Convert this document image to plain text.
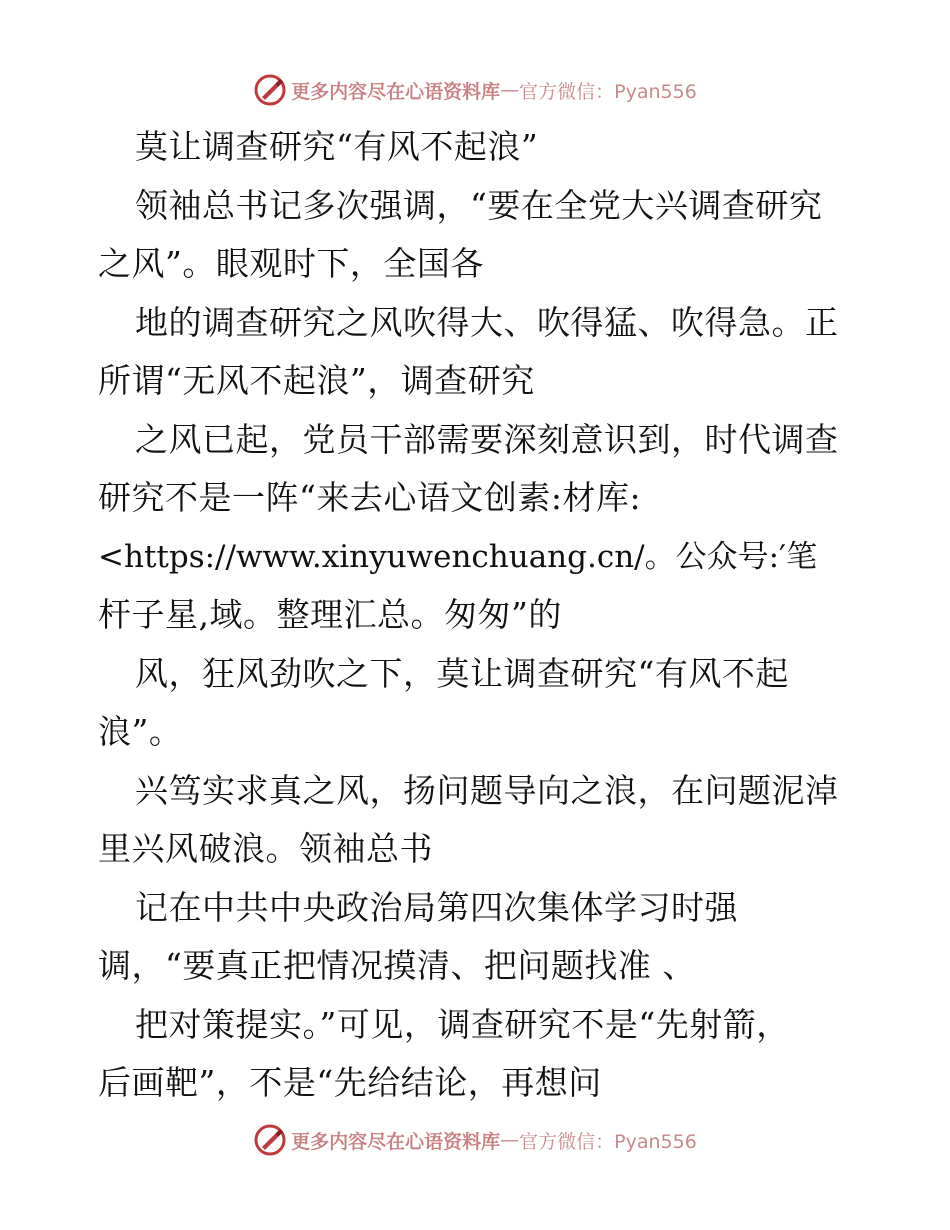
更多内容尽在心语资料库 — 官方微信：Pyan556
莫让调查研究“有风不起浪”
领袖总书记多次强调，“要在全党大兴调查研究
之风”。眼观时下，全国各
地的调查研究之风吹得大、吹得猛、吹得急。正
所谓“无风不起浪”，调查研究
之风已起，党员干部需要深刻意识到，时代调查
研究不是一阵“来去心语文创素:材库:
<https://www.xinyuwenchuang.cn/。公众号:′笔
杆子星,域。整理汇总。匆匆”的
风，狂风劲吹之下，莫让调查研究“有风不起
浪”。
兴笃实求真之风，扬问题导向之浪，在问题泥淖
里兴风破浪。领袖总书
记在中共中央政治局第四次集体学习时强
调，“要真正把情况摸清、把问题找准 、
把对策提实。”可见，调查研究不是“先射箭，
后画靶”，不是“先给结论，再想问
更多内容尽在心语资料库 — 官方微信：Pyan556
